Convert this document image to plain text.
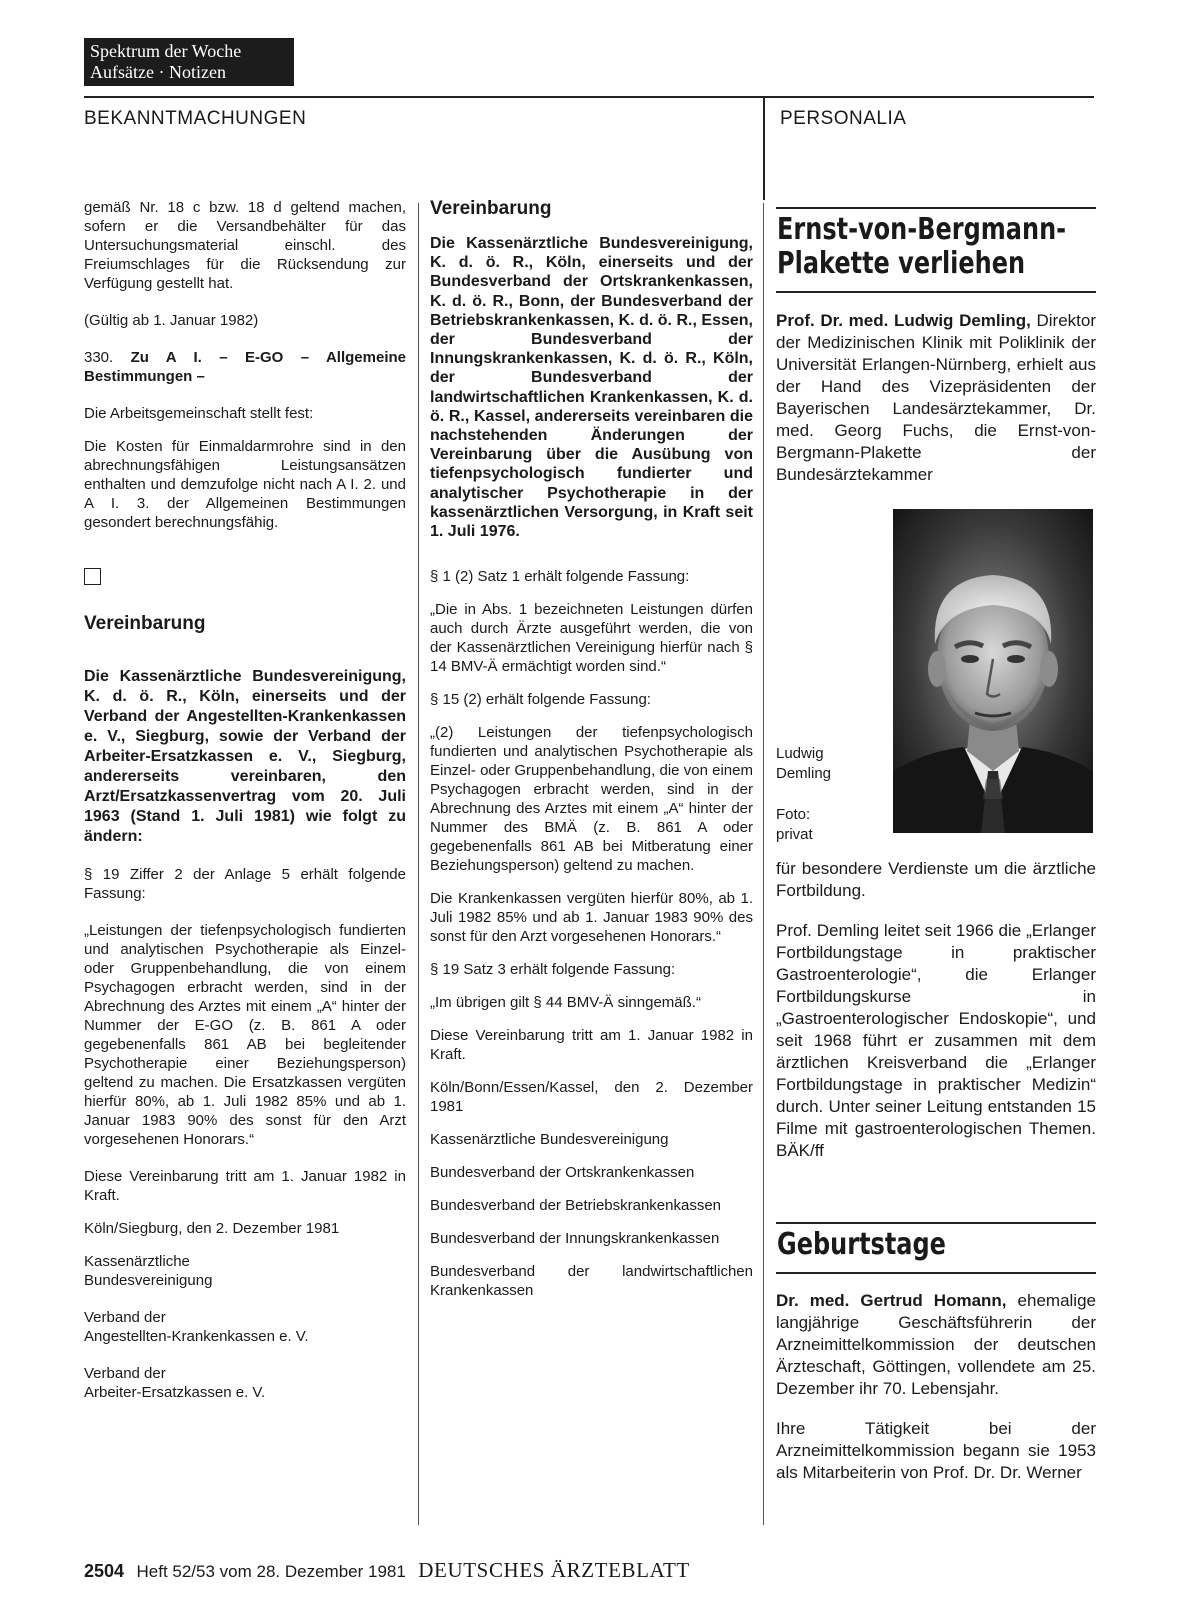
Spektrum der Woche
Aufsätze · Notizen
BEKANNTMACHUNGEN	PERSONALIA

gemäß Nr. 18 c bzw. 18 d geltend machen, sofern er die Versandbehälter für das Untersuchungsmaterial einschl. des Freiumschlages für die Rücksendung zur Verfügung gestellt hat.

(Gültig ab 1. Januar 1982)

330. Zu A I. – E-GO – Allgemeine Bestimmungen –

Die Arbeitsgemeinschaft stellt fest:

Die Kosten für Einmaldarmrohre sind in den abrechnungsfähigen Leistungsansätzen enthalten und demzufolge nicht nach A I. 2. und A I. 3. der Allgemeinen Bestimmungen gesondert berechnungsfähig.

Vereinbarung

Die Kassenärztliche Bundesvereinigung, K. d. ö. R., Köln, einerseits und der Verband der Angestellten-Krankenkassen e. V., Siegburg, sowie der Verband der Arbeiter-Ersatzkassen e. V., Siegburg, andererseits vereinbaren, den Arzt/Ersatzkassenvertrag vom 20. Juli 1963 (Stand 1. Juli 1981) wie folgt zu ändern:

§ 19 Ziffer 2 der Anlage 5 erhält folgende Fassung:

„Leistungen der tiefenpsychologisch fundierten und analytischen Psychotherapie als Einzel- oder Gruppenbehandlung, die von einem Psychagogen erbracht werden, sind in der Abrechnung des Arztes mit einem „A“ hinter der Nummer der E-GO (z. B. 861 A oder gegebenenfalls 861 AB bei begleitender Psychotherapie einer Beziehungsperson) geltend zu machen. Die Ersatzkassen vergüten hierfür 80%, ab 1. Juli 1982 85% und ab 1. Januar 1983 90% des sonst für den Arzt vorgesehenen Honorars.“

Diese Vereinbarung tritt am 1. Januar 1982 in Kraft.

Köln/Siegburg, den 2. Dezember 1981

Kassenärztliche
Bundesvereinigung

Verband der
Angestellten-Krankenkassen e. V.

Verband der
Arbeiter-Ersatzkassen e. V.

Vereinbarung

Die Kassenärztliche Bundesvereinigung, K. d. ö. R., Köln, einerseits und der Bundesverband der Ortskrankenkassen, K. d. ö. R., Bonn, der Bundesverband der Betriebskrankenkassen, K. d. ö. R., Essen, der Bundesverband der Innungskrankenkassen, K. d. ö. R., Köln, der Bundesverband der landwirtschaftlichen Krankenkassen, K. d. ö. R., Kassel, andererseits vereinbaren die nachstehenden Änderungen der Vereinbarung über die Ausübung von tiefenpsychologisch fundierter und analytischer Psychotherapie in der kassenärztlichen Versorgung, in Kraft seit 1. Juli 1976.

§ 1 (2) Satz 1 erhält folgende Fassung:

„Die in Abs. 1 bezeichneten Leistungen dürfen auch durch Ärzte ausgeführt werden, die von der Kassenärztlichen Vereinigung hierfür nach § 14 BMV-Ä ermächtigt worden sind.“

§ 15 (2) erhält folgende Fassung:

„(2) Leistungen der tiefenpsychologisch fundierten und analytischen Psychotherapie als Einzel- oder Gruppenbehandlung, die von einem Psychagogen erbracht werden, sind in der Abrechnung des Arztes mit einem „A“ hinter der Nummer des BMÄ (z. B. 861 A oder gegebenenfalls 861 AB bei Mitberatung einer Beziehungsperson) geltend zu machen.

Die Krankenkassen vergüten hierfür 80%, ab 1. Juli 1982 85% und ab 1. Januar 1983 90% des sonst für den Arzt vorgesehenen Honorars.“

§ 19 Satz 3 erhält folgende Fassung:

„Im übrigen gilt § 44 BMV-Ä sinngemäß.“

Diese Vereinbarung tritt am 1. Januar 1982 in Kraft.

Köln/Bonn/Essen/Kassel, den 2. Dezember 1981

Kassenärztliche Bundesvereinigung

Bundesverband der Ortskrankenkassen

Bundesverband der Betriebskrankenkassen

Bundesverband der Innungskrankenkassen

Bundesverband der landwirtschaftlichen Krankenkassen

Ernst-von-Bergmann-
Plakette verliehen

Prof. Dr. med. Ludwig Demling, Direktor der Medizinischen Klinik mit Poliklinik der Universität Erlangen-Nürnberg, erhielt aus der Hand des Vizepräsidenten der Bayerischen Landesärztekammer, Dr. med. Georg Fuchs, die Ernst-von-Bergmann-Plakette der Bundesärztekammer

Ludwig
Demling
Foto:
privat

für besondere Verdienste um die ärztliche Fortbildung.

Prof. Demling leitet seit 1966 die „Erlanger Fortbildungstage in praktischer Gastroenterologie“, die Erlanger Fortbildungskurse in „Gastroenterologischer Endoskopie“, und seit 1968 führt er zusammen mit dem ärztlichen Kreisverband die „Erlanger Fortbildungstage in praktischer Medizin“ durch. Unter seiner Leitung entstanden 15 Filme mit gastroenterologischen Themen. BÄK/ff

Geburtstage

Dr. med. Gertrud Homann, ehemalige langjährige Geschäftsführerin der Arzneimittelkommission der deutschen Ärzteschaft, Göttingen, vollendete am 25. Dezember ihr 70. Lebensjahr.

Ihre Tätigkeit bei der Arzneimittelkommission begann sie 1953 als Mitarbeiterin von Prof. Dr. Dr. Werner

2504 Heft 52/53 vom 28. Dezember 1981 DEUTSCHES ÄRZTEBLATT
